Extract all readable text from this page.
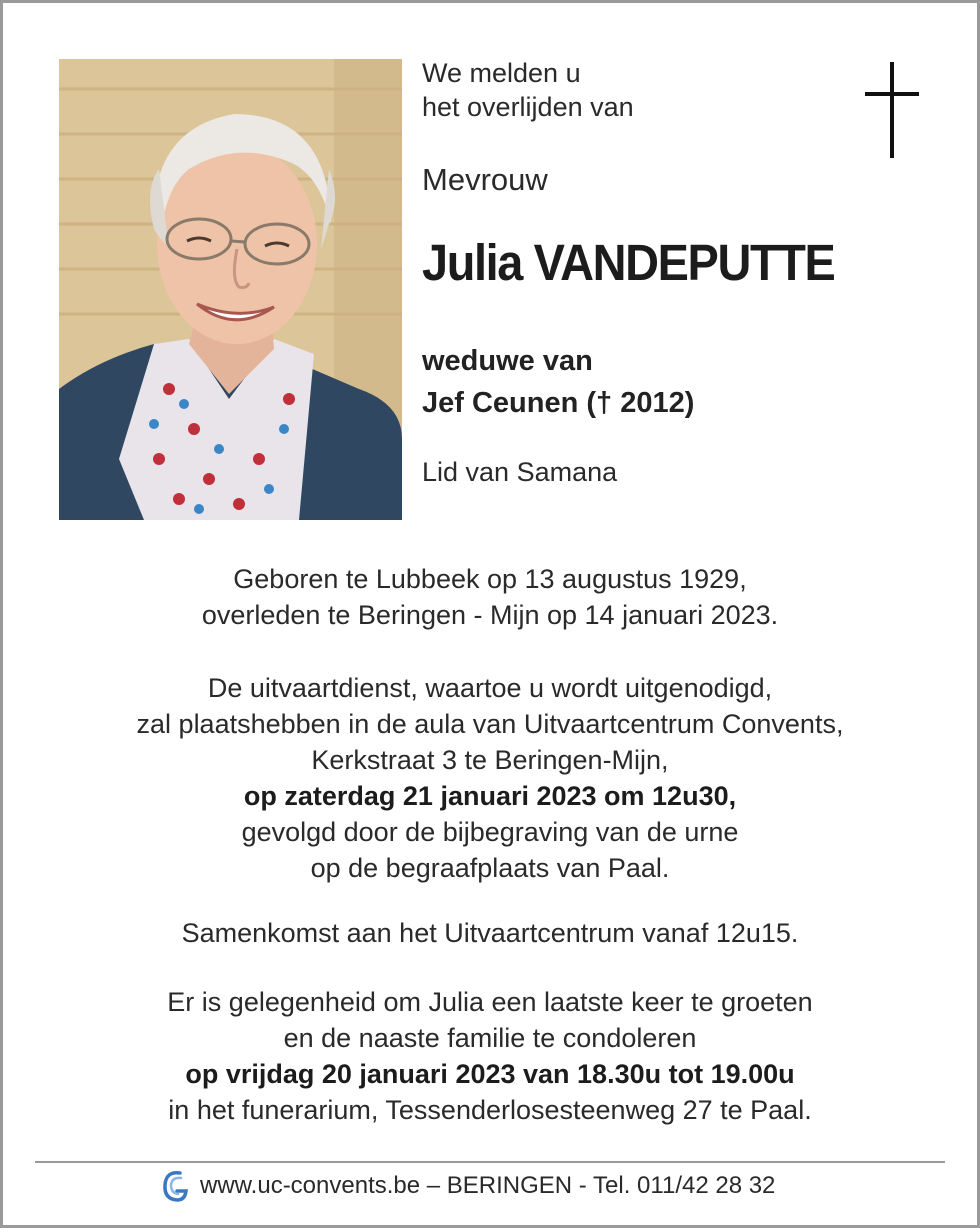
We melden u
het overlijden van
Mevrouw
Julia VANDEPUTTE
weduwe van
Jef Ceunen († 2012)
Lid van Samana
Geboren te Lubbeek op 13 augustus 1929,
overleden te Beringen - Mijn op 14 januari 2023.
De uitvaartdienst, waartoe u wordt uitgenodigd,
zal plaatshebben in de aula van Uitvaartcentrum Convents,
Kerkstraat 3 te Beringen-Mijn,
op zaterdag 21 januari 2023 om 12u30,
gevolgd door de bijbegraving van de urne
op de begraafplaats van Paal.
Samenkomst aan het Uitvaartcentrum vanaf 12u15.
Er is gelegenheid om Julia een laatste keer te groeten
en de naaste familie te condoleren
op vrijdag 20 januari 2023 van 18.30u tot 19.00u
in het funerarium, Tessenderlosesteenweg 27 te Paal.
www.uc-convents.be – BERINGEN - Tel. 011/42 28 32
